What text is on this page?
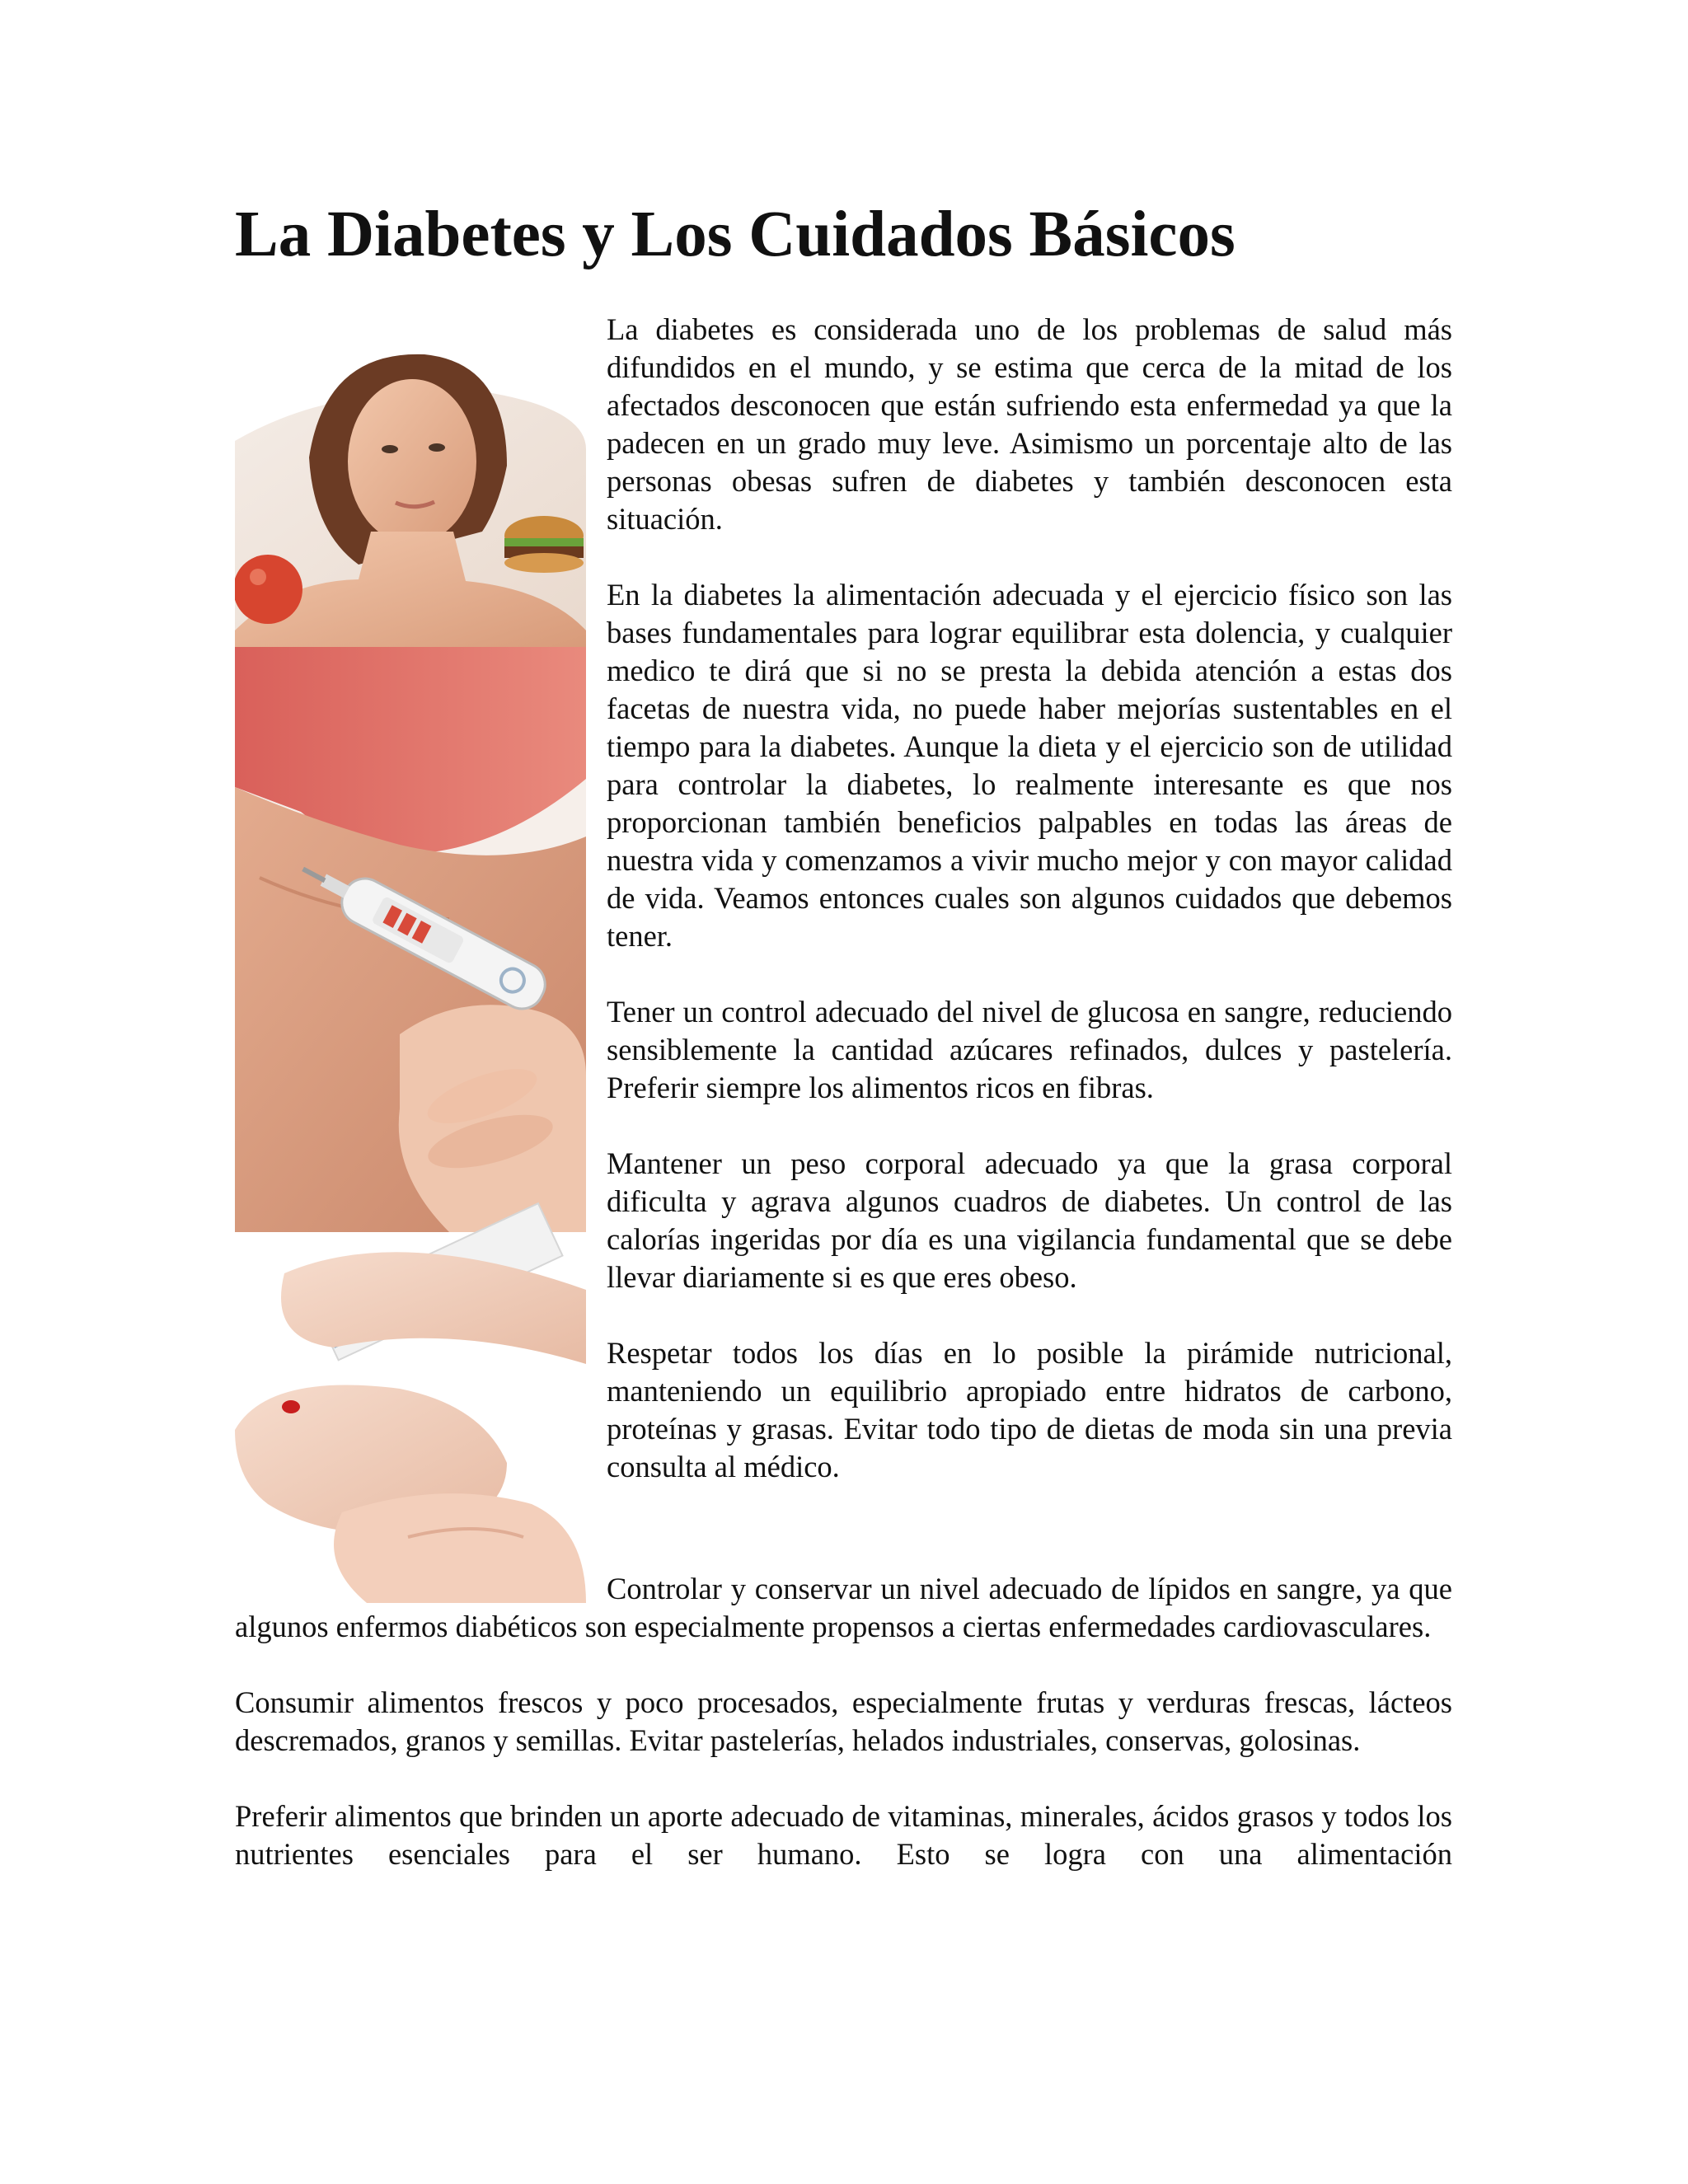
La Diabetes y Los Cuidados Básicos

La diabetes es considerada uno de los problemas de salud más difundidos en el mundo, y se estima que cerca de la mitad de los afectados desconocen que están sufriendo esta enfermedad ya que la padecen en un grado muy leve. Asimismo un porcentaje alto de las personas obesas sufren de diabetes y también desconocen esta situación.

En la diabetes la alimentación adecuada y el ejercicio físico son las bases fundamentales para lograr equilibrar esta dolencia, y cualquier medico te dirá que si no se presta la debida atención a estas dos facetas de nuestra vida, no puede haber mejorías sustentables en el tiempo para la diabetes. Aunque la dieta y el ejercicio son de utilidad para controlar la diabetes, lo realmente interesante es que nos proporcionan también beneficios palpables en todas las áreas de nuestra vida y comenzamos a vivir mucho mejor y con mayor calidad de vida. Veamos entonces cuales son algunos cuidados que debemos tener.

Tener un control adecuado del nivel de glucosa en sangre, reduciendo sensiblemente la cantidad azúcares refinados, dulces y pastelería. Preferir siempre los alimentos ricos en fibras.

Mantener un peso corporal adecuado ya que la grasa corporal dificulta y agrava algunos cuadros de diabetes. Un control de las calorías ingeridas por día es una vigilancia fundamental que se debe llevar diariamente si es que eres obeso.

Respetar todos los días en lo posible la pirámide nutricional, manteniendo un equilibrio apropiado entre hidratos de carbono, proteínas y grasas. Evitar todo tipo de dietas de moda sin una previa consulta al médico.

Controlar y conservar un nivel adecuado de lípidos en sangre, ya que algunos enfermos diabéticos son especialmente propensos a ciertas enfermedades cardiovasculares.

Consumir alimentos frescos y poco procesados, especialmente frutas y verduras frescas, lácteos descremados, granos y semillas. Evitar pastelerías, helados industriales, conservas, golosinas.

Preferir alimentos que brinden un aporte adecuado de vitaminas, minerales, ácidos grasos y todos los nutrientes esenciales para el ser humano. Esto se logra con una alimentación
